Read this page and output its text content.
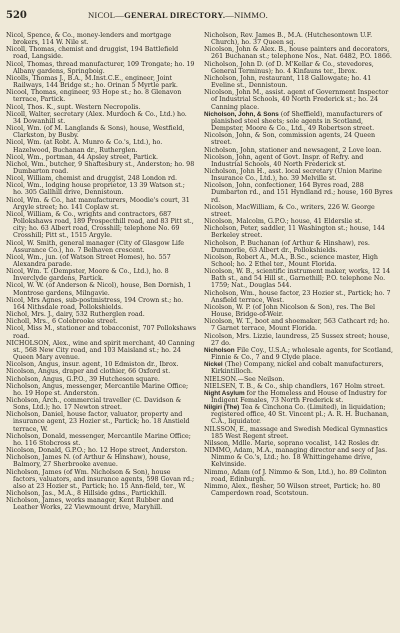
520	NICOL—GENERAL DIRECTORY.—NIMMO.

Nicol, Spence, & Co., money-lenders and mortgage brokers, 114 W. Nile st.

Nicoll, Thomas, chemist and druggist, 194 Battlefield road, Langside.

Nicol, Thomas, thread manufacturer, 109 Trongate; ho. 19 Albany gardens, Springboig.

Nicolls, Thomas J., B.A., M.Inst.C.E., engineer, Joint Railways, 144 Bridge st.; ho. Orinan 5 Myrtle park.

Nicool, Thomas, engineer, 93 Hope st.; ho. 8 Glenavon terrace, Partick.

Nicol, Thos. K., supt. Western Necropolis.

Nicoll, Walter, secretary (Alex. Murdoch & Co., Ltd.) ho. 34 Dowanhill st.

Nicol, Wm. (of M. Langlands & Sons), house, Westfield, Clarkston, by Busby.

Nicol, Wm. (at Robt. A. Munro & Co.'s, Ltd.), ho. Hazelwood, Buchanan dr., Rutherglen.

Nicol, Wm., portman, 44 Apsley street, Partick.

Nichol, Wm., butcher, 9 Shaftesbury st., Anderston; ho. 98 Dumbarton road.

Nicol, William, chemist and druggist, 248 London rd.

Nicol, Wm., lodging house proprietor, 13 39 Watson st.; ho. 305 Gallhill drive, Dennistoun.

Nicol, Wm. & Co., hat manufacturers, Moodie's court, 31 Argyle street; ho. 141 Coplaw st.

Nicol, William, & Co., wrights and contractors, 687 Pollokshaws road, 189 Prospecthill road, and 83 Pitt st., city; ho. 63 Albert road, Crosshill; telephone No. 69 Crosshill; Pitt st., 1515 Argyle.

Nicol, W. Smith, general manager (City of Glasgow Life Assurance Co.), ho. 7 Belhaven crescent.

Nicol, Wm., jun. (of Watson Street Homes), ho. 557 Alexandra parade.

Nicol, Wm. T. (Dempster, Moore & Co., Ltd.), ho. 8 Inverclyde gardens, Partick.

Nicol, W. W. (of Anderson & Nicol), house, Ben Dornish, 1 Montrose gardens, Milngavie.

Nicol, Mrs Agnes, sub-postmistress, 194 Crown st.; ho. 164 Nithsdale road, Pollokshields.

Nichol, Mrs. J., dairy, 532 Rutherglen road.

Nicholl, Mrs., 6 Colebrooke street.

Nicol, Miss M., stationer and tobacconist, 707 Pollokshaws road.

NICHOLSON, Alex., wine and spirit merchant, 40 Canning st., 568 New City road, and 103 Maisland st.; ho. 24 Queen Mary avenue.

Nicolson, Angus, insur. agent, 10 Edmiston dr., Ibrox.

Nicolson, Angus, draper and clothier, 66 Oxford st.

Nicholson, Angus, G.P.O., 39 Hutcheson square.

Nicholson, Angus, messenger, Mercantile Marine Office; ho. 19 Hope st. Anderston.

Nicholson, Arch., commercial traveller (C. Davidson & Sons, Ltd.); ho. 17 Newton street.

Nicholson, Daniel, house factor, valuator, property and insurance agent, 23 Hozier st., Partick; ho. 18 Anstield terrace, W.

Nicholson, Donald, messenger, Mercantile Marine Office; ho. 116 Stobcross st.

Nicolson, Donald, G.P.O.; ho. 12 Hope street, Anderston.

Nicholson, James N. (of Arthur & Hinshaw), house, Balmory, 27 Sherbrooke avenue.

Nicholson, James (of Wm. Nicholson & Son), house factors, valuators, and insurance agents, 598 Govan rd.; also at 23 Hozier st., Partick; ho. 15 Ann-field, ter., W.

Nicholson, Jas., M.A., 8 Hillside gdns., Partickhill.

Nicholson, James, works manager, Kent Rubber and Leather Works, 22 Viewmount drive, Maryhill.

Nicholson, Rev. James B., M.A. (Hutchesontown U.F. Church), ho. 37 Queen sq.

Nicolson, John & Alex. B., house painters and decorators, 261 Buchanan st.; telephone Nos., Nat. 6482, P.O. 1866.

Nicholson, John D. (of D. M'Kellar & Co., stevedores, General Terminus); ho. 4 Kinfauns ter., Ibrox.

Nicholson, John, restaurant, 118 Gallowgate; ho. 41 Eveline st., Dennistoun.

Nicolson, John M., assist. agent of Government Inspector of Industrial Schools, 40 North Frederick st.; ho. 24 Canning place.

Nicholson, John, & Sons (of Sheffield), manufacturers of planished steel sheets; sole agents in Scotland, Dempster, Moore & Co., Ltd., 49 Robertson street.

Nicolson, John, & Son, commission agents, 24 Queen street.

Nicholson, John, stationer and newsagent, 2 Love loan.

Nicolson, John, agent of Govt. Inspr. of Refry. and Industrial Schools, 40 North Frederick st.

Nicholson, John H., asst. local secretary (Union Marine Insurance Co., Ltd.), ho. 39 Melville st.

Nicolson, John, confectioner, 164 Byres road, 288 Dumbarton rd., and 151 Hyndland rd.; house, 160 Byres rd.

Nicolson, MacWilliam, & Co., writers, 226 W. George street.

Nicolson, Malcolm, G.P.O.; house, 41 Elderslie st.

Nicholson, Peter, saddler, 11 Washington st.; house, 144 Berkeley street.

Nicholson, P. Buchanan (of Arthur & Hinshaw), res. Dunmorlie, 63 Albert dr., Pollokshields.

Nicolson, Robert A., M.A., B.Sc., science master, High School; ho. 2 Ethel ter., Mount Florida.

Nicolson, W. B., scientific instrument maker, works, 12 14 Bath st., and 54 Hill st., Garnethill; P.O. telephone No. 1759; Nat., Douglas 544.

Nicholson, Wm., house factor, 23 Hozier st., Partick; ho. 7 Ansfield terrace, West.

Nicolson, W. P. (of John Nicolson & Son), res. The Bel House, Bridge-of-Weir.

Nicolson, W. T., boot and shoemaker, 563 Cathcart rd; ho. 7 Garnet terrace, Mount Florida.

Nicolson, Mrs. Lizzie, laundress, 25 Sussex street; house, 27 do.

Nicholson File Coy., U.S.A.; wholesale agents, for Scotland, Finnie & Co., 7 and 9 Clyde place.

Nickel (The) Company, nickel and cobalt manufacturers, Kirkintilloch.

NIELSON.—See Neilson.

NIELSEN, T. B., & Co., ship chandlers, 167 Holm street.

Night Asylum for the Homeless and House of Industry for Indigent Females, 73 North Frederick st.

Nilgiri (The) Tea & Cinchona Co. (Limited), in liquidation; registered office, 40 St. Vincent pl.; A. R. H. Buchanan, C.A., liquidator.

NILSSON, E., massage and Swedish Medical Gymnastics 185 West Regent street.

Nilsson, Mdlle. Marie, soprano vocalist, 142 Rosles dr.

NIMMO, Adam, M.A., managing director and secy of Jas. Nimmo & Co.'s, Ltd.; ho. 18 Whittingehame drive, Kelvinside.

Nimmo, Adam (of J. Nimmo & Son, Ltd.), ho. 89 Colinton road, Edinburgh.

Nimmo, Alex., flesher, 50 Wilson street, Partick; ho. 80 Camperdown road, Scotstoun.
